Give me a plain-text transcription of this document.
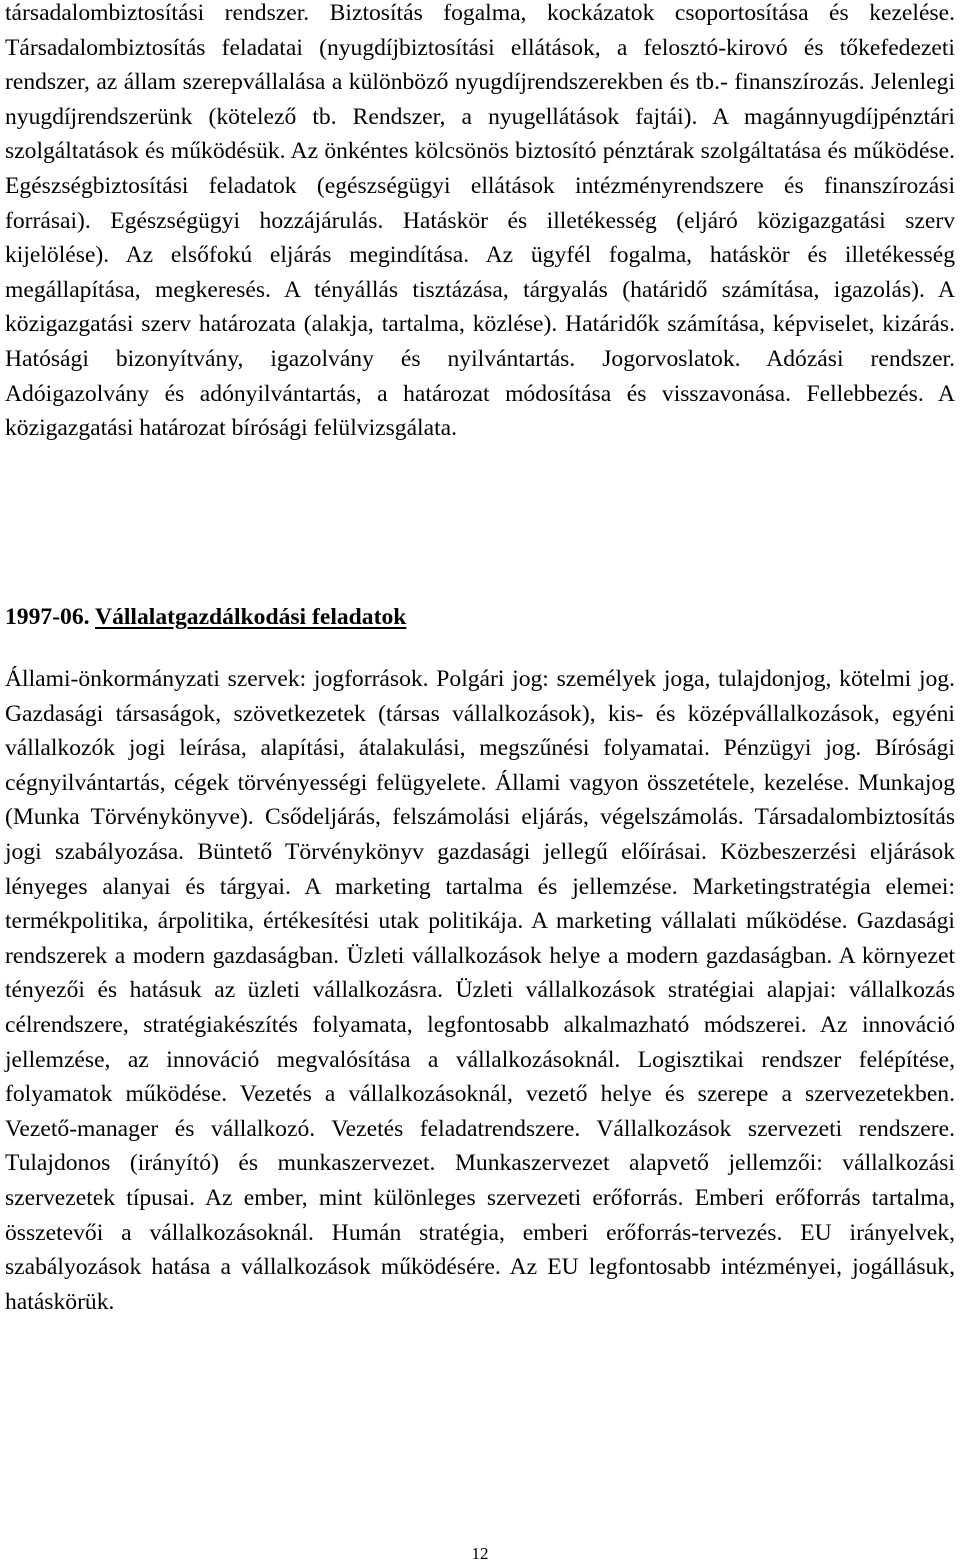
társadalombiztosítási rendszer. Biztosítás fogalma, kockázatok csoportosítása és kezelése. Társadalombiztosítás feladatai (nyugdíjbiztosítási ellátások, a felosztó-kirovó és tőkefedezeti rendszer, az állam szerepvállalása a különböző nyugdíjrendszerekben és tb.- finanszírozás. Jelenlegi nyugdíjrendszerünk (kötelező tb. Rendszer, a nyugellátások fajtái). A magánnyugdíjpénztári szolgáltatások és működésük. Az önkéntes kölcsönös biztosító pénztárak szolgáltatása és működése. Egészségbiztosítási feladatok (egészségügyi ellátások intézményrendszere és finanszírozási forrásai). Egészségügyi hozzájárulás. Hatáskör és illetékesség (eljáró közigazgatási szerv kijelölése). Az elsőfokú eljárás megindítása. Az ügyfél fogalma, hatáskör és illetékesség megállapítása, megkeresés. A tényállás tisztázása, tárgyalás (határidő számítása, igazolás). A közigazgatási szerv határozata (alakja, tartalma, közlése). Határidők számítása, képviselet, kizárás. Hatósági bizonyítvány, igazolvány és nyilvántartás. Jogorvoslatok. Adózási rendszer. Adóigazolvány és adónyilvántartás, a határozat módosítása és visszavonása. Fellebbezés. A közigazgatási határozat bírósági felülvizsgálata.

1997-06. Vállalatgazdálkodási feladatok

Állami-önkormányzati szervek: jogforrások. Polgári jog: személyek joga, tulajdonjog, kötelmi jog. Gazdasági társaságok, szövetkezetek (társas vállalkozások), kis- és középvállalkozások, egyéni vállalkozók jogi leírása, alapítási, átalakulási, megszűnési folyamatai. Pénzügyi jog. Bírósági cégnyilvántartás, cégek törvényességi felügyelete. Állami vagyon összetétele, kezelése. Munkajog (Munka Törvénykönyve). Csődeljárás, felszámolási eljárás, végelszámolás. Társadalombiztosítás jogi szabályozása. Büntető Törvénykönyv gazdasági jellegű előírásai. Közbeszerzési eljárások lényeges alanyai és tárgyai. A marketing tartalma és jellemzése. Marketingstratégia elemei: termékpolitika, árpolitika, értékesítési utak politikája. A marketing vállalati működése. Gazdasági rendszerek a modern gazdaságban. Üzleti vállalkozások helye a modern gazdaságban. A környezet tényezői és hatásuk az üzleti vállalkozásra. Üzleti vállalkozások stratégiai alapjai: vállalkozás célrendszere, stratégiakészítés folyamata, legfontosabb alkalmazható módszerei. Az innováció jellemzése, az innováció megvalósítása a vállalkozásoknál. Logisztikai rendszer felépítése, folyamatok működése. Vezetés a vállalkozásoknál, vezető helye és szerepe a szervezetekben. Vezető-manager és vállalkozó. Vezetés feladatrendszere. Vállalkozások szervezeti rendszere. Tulajdonos (irányító) és munkaszervezet. Munkaszervezet alapvető jellemzői: vállalkozási szervezetek típusai. Az ember, mint különleges szervezeti erőforrás. Emberi erőforrás tartalma, összetevői a vállalkozásoknál. Humán stratégia, emberi erőforrás-tervezés. EU irányelvek, szabályozások hatása a vállalkozások működésére. Az EU legfontosabb intézményei, jogállásuk, hatáskörük.

12
